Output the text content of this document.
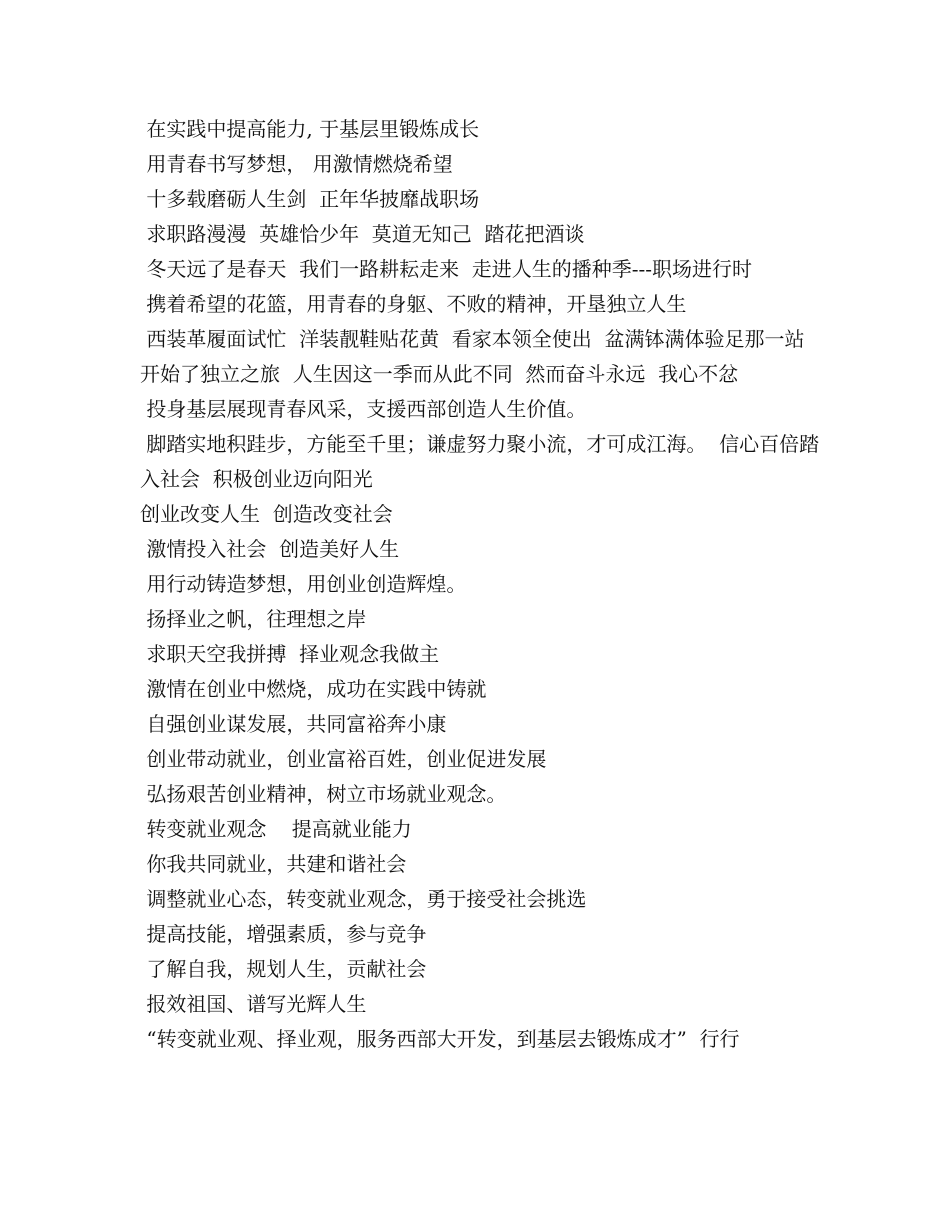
在实践中提高能力, 于基层里锻炼成长

用青春书写梦想， 用激情燃烧希望

十多载磨砺人生剑  正年华披靡战职场

求职路漫漫  英雄恰少年  莫道无知己  踏花把酒谈

冬天远了是春天  我们一路耕耘走来  走进人生的播种季---职场进行时

携着希望的花篮，用青春的身躯、不败的精神，开垦独立人生

西装革履面试忙  洋装靓鞋贴花黄  看家本领全使出  盆满钵满体验足那一站  开始了独立之旅  人生因这一季而从此不同  然而奋斗永远  我心不忿

投身基层展现青春风采，支援西部创造人生价值。

脚踏实地积跬步，方能至千里；谦虚努力聚小流，才可成江海。  信心百倍踏入社会  积极创业迈向阳光

创业改变人生  创造改变社会

激情投入社会  创造美好人生

用行动铸造梦想，用创业创造辉煌。

扬择业之帆，往理想之岸

求职天空我拼搏  择业观念我做主

激情在创业中燃烧，成功在实践中铸就

自强创业谋发展，共同富裕奔小康

创业带动就业，创业富裕百姓，创业促进发展

弘扬艰苦创业精神，树立市场就业观念。

转变就业观念    提高就业能力

你我共同就业，共建和谐社会

调整就业心态，转变就业观念，勇于接受社会挑选

提高技能，增强素质，参与竞争

了解自我，规划人生，贡献社会

报效祖国、谱写光辉人生

“转变就业观、择业观，服务西部大开发，到基层去锻炼成才”  行行
